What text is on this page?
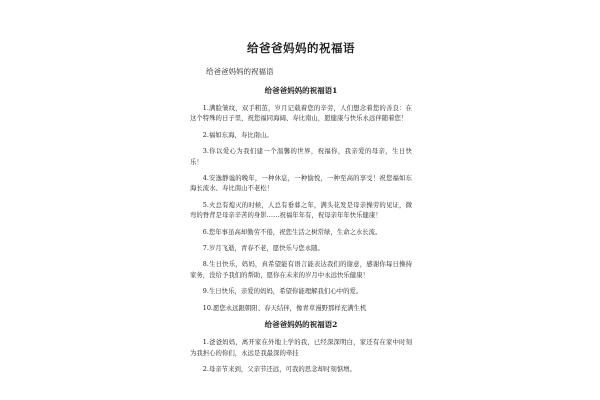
给爸爸妈妈的祝福语
给爸爸妈妈的祝福语
给爸爸妈妈的祝福语1

1.满脸皱纹，双手粗茧，岁月记载着您的辛劳，人们想念着您的善良：在这个特殊的日子里，祝您福同海阔、寿比南山，愿健康与快乐永远伴随着您！

2.福如东海，寿比南山。

3.你以爱心为我们建一个温馨的世界，祝福你，我亲爱的母亲，生日快乐！

4.安逸静谧的晚年，一种休息，一种愉悦，一种至高的享受！祝您福如东海长流水、寿比南山不老松！

5.火总有熄灭的时候，人总有垂暮之年，满头花发是母亲操劳的见证，微弯的脊背是母亲辛苦的身影……祝福年年有，祝母亲年年快乐健康！

6.您年事虽高却勤劳不倦，祝您生活之树常绿，生命之水长流。

7.岁月飞逝，青春不老，愿快乐与您永随。

8.生日快乐，妈妈，真希望能有语言能表达我们的谢意，感谢你每日操持家务，没给予我们的帮助，愿你在未来的岁月中永远快乐健康！

9.生日快乐，亲爱的妈妈，希望你能理解我们心中的爱。

10.愿您永远跟朝阳、春天结伴，像青草漫野那样充满生机

给爸爸妈妈的祝福语2

1.爸爸妈妈，离开家在外地上学的我，已经深深明白，家还有在家中时刻为我担心的你们，永远是我最深的牵挂

2.母亲节来到，父亲节还远，可我的思念却时刻惦增。
